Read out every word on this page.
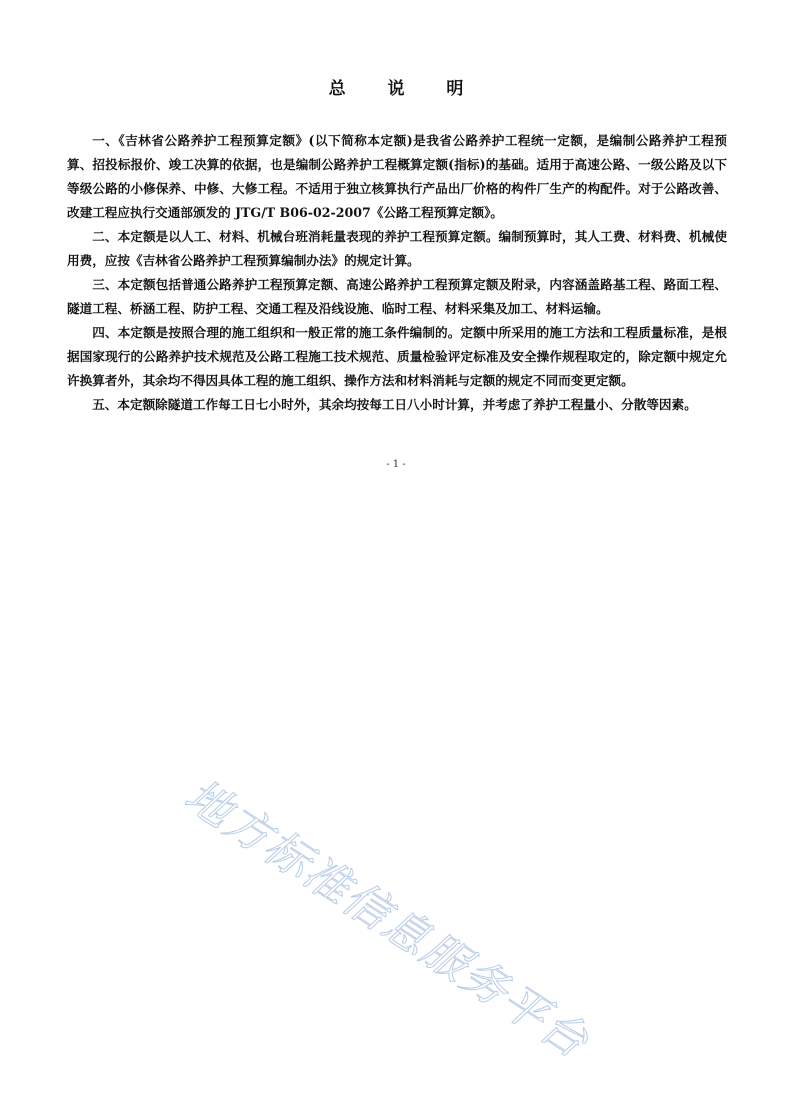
总 说 明

一、《吉林省公路养护工程预算定额》(以下简称本定额)是我省公路养护工程统一定额，是编制公路养护工程预算、招投标报价、竣工决算的依据，也是编制公路养护工程概算定额(指标)的基础。适用于高速公路、一级公路及以下等级公路的小修保养、中修、大修工程。不适用于独立核算执行产品出厂价格的构件厂生产的构配件。对于公路改善、改建工程应执行交通部颁发的 JTG/T B06-02-2007《公路工程预算定额》。

二、本定额是以人工、材料、机械台班消耗量表现的养护工程预算定额。编制预算时，其人工费、材料费、机械使用费，应按《吉林省公路养护工程预算编制办法》的规定计算。

三、本定额包括普通公路养护工程预算定额、高速公路养护工程预算定额及附录，内容涵盖路基工程、路面工程、隧道工程、桥涵工程、防护工程、交通工程及沿线设施、临时工程、材料采集及加工、材料运输。

四、本定额是按照合理的施工组织和一般正常的施工条件编制的。定额中所采用的施工方法和工程质量标准，是根据国家现行的公路养护技术规范及公路工程施工技术规范、质量检验评定标准及安全操作规程取定的，除定额中规定允许换算者外，其余均不得因具体工程的施工组织、操作方法和材料消耗与定额的规定不同而变更定额。

五、本定额除隧道工作每工日七小时外，其余均按每工日八小时计算，并考虑了养护工程量小、分散等因素。

- 1 -
地方标准信息服务平台
